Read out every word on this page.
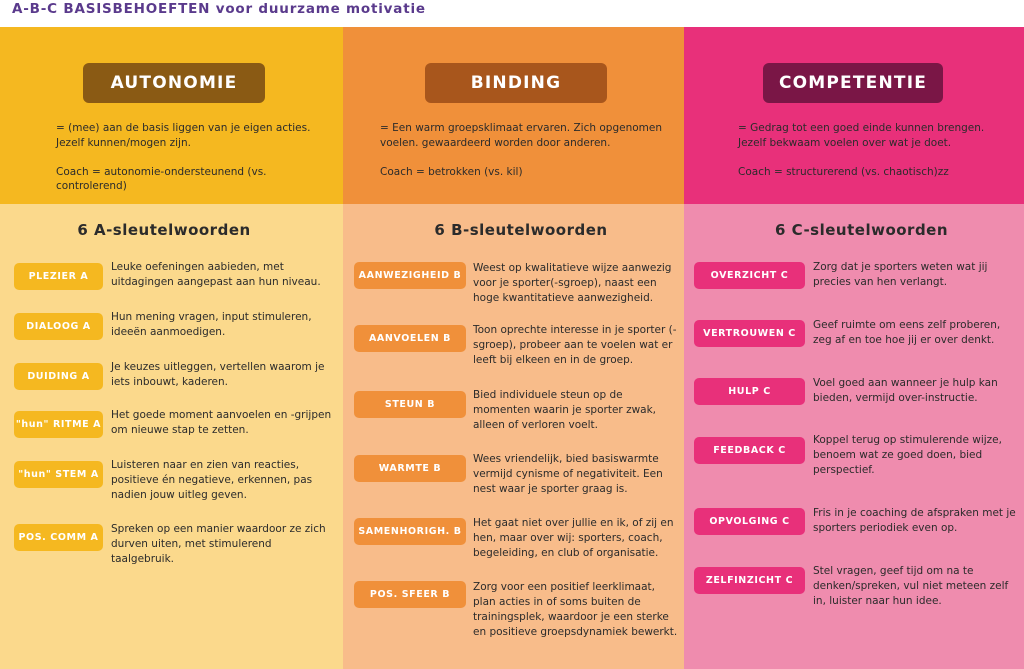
A-B-C BASISBEHOEFTEN voor duurzame motivatie
AUTONOMIE

= (mee) aan de basis liggen van je eigen acties. Jezelf kunnen/mogen zijn.

Coach = autonomie-ondersteunend (vs. controlerend)

6 A-sleutelwoorden
PLEZIER A
Leuke oefeningen aabieden, met uitdagingen aangepast aan hun niveau.
DIALOOG A
Hun mening vragen, input stimuleren, ideeën aanmoedigen.
DUIDING A
Je keuzes uitleggen, vertellen waarom je iets inbouwt, kaderen.
"hun" RITME A
Het goede moment aanvoelen en -grijpen om nieuwe stap te zetten.
"hun" STEM A
Luisteren naar en zien van reacties, positieve én negatieve, erkennen, pas nadien jouw uitleg geven.
POS. COMM A
Spreken op een manier waardoor ze zich durven uiten, met stimulerend taalgebruik.
BINDING

= Een warm groepsklimaat ervaren. Zich opgenomen voelen. gewaardeerd worden door anderen.

Coach = betrokken (vs. kil)

6 B-sleutelwoorden
AANWEZIGHEID B
Weest op kwalitatieve wijze aanwezig voor je sporter(-sgroep), naast een hoge kwantitatieve aanwezigheid.
AANVOELEN B
Toon oprechte interesse in je sporter (-sgroep), probeer aan te voelen wat er leeft bij elkeen en in de groep.
STEUN B
Bied individuele steun op de momenten waarin je sporter zwak, alleen of verloren voelt.
WARMTE B
Wees vriendelijk, bied basiswarmte vermijd cynisme of negativiteit. Een nest waar je sporter graag is.
SAMENHORIGH. B
Het gaat niet over jullie en ik, of zij en hen, maar over wij: sporters, coach, begeleiding, en club of organisatie.
POS. SFEER B
Zorg voor een positief leerklimaat, plan acties in of soms buiten de trainingsplek, waardoor je een sterke en positieve groepsdynamiek bewerkt.
COMPETENTIE

= Gedrag tot een goed einde kunnen brengen. Jezelf bekwaam voelen over wat je doet.

Coach = structurerend (vs. chaotisch)zz

6 C-sleutelwoorden
OVERZICHT C
Zorg dat je sporters weten wat jij precies van hen verlangt.
VERTROUWEN C
Geef ruimte om eens zelf proberen, zeg af en toe hoe jij er over denkt.
HULP C
Voel goed aan wanneer je hulp kan bieden, vermijd over-instructie.
FEEDBACK C
Koppel terug op stimulerende wijze, benoem wat ze goed doen, bied perspectief.
OPVOLGING C
Fris in je coaching de afspraken met je sporters periodiek even op.
ZELFINZICHT C
Stel vragen, geef tijd om na te denken/spreken, vul niet meteen zelf in, luister naar hun idee.
